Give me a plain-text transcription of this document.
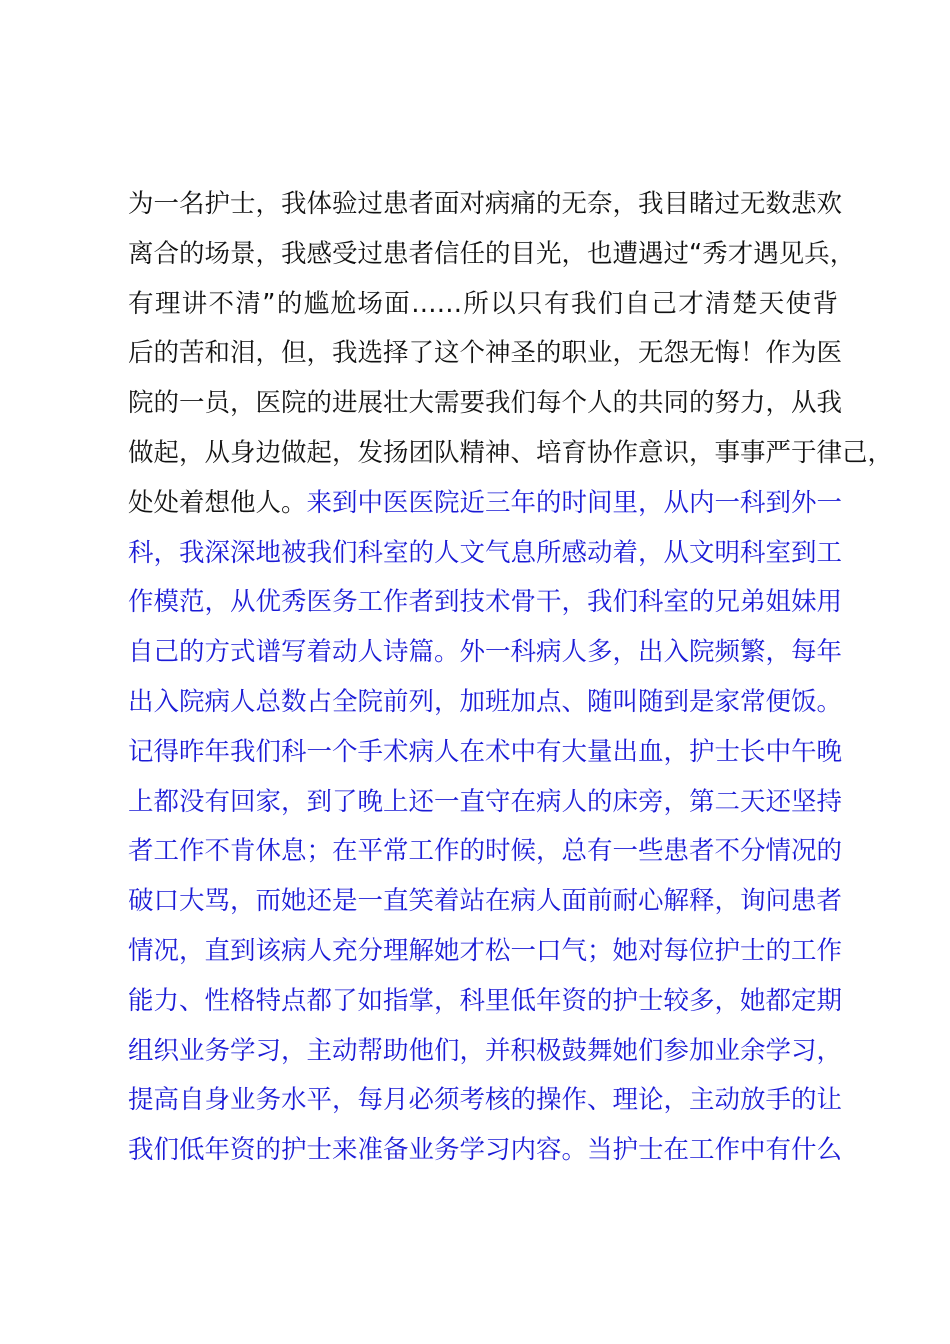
为一名护士，我体验过患者面对病痛的无奈，我目睹过无数悲欢
离合的场景，我感受过患者信任的目光，也遭遇过“秀才遇见兵，
有理讲不清”的尴尬场面……所以只有我们自己才清楚天使背
后的苦和泪，但，我选择了这个神圣的职业，无怨无悔！作为医
院的一员，医院的进展壮大需要我们每个人的共同的努力，从我
做起，从身边做起，发扬团队精神、培育协作意识，事事严于律己，
处处着想他人。来到中医医院近三年的时间里，从内一科到外一
科，我深深地被我们科室的人文气息所感动着，从文明科室到工
作模范，从优秀医务工作者到技术骨干，我们科室的兄弟姐妹用
自己的方式谱写着动人诗篇。外一科病人多，出入院频繁，每年
出入院病人总数占全院前列，加班加点、随叫随到是家常便饭。
记得昨年我们科一个手术病人在术中有大量出血，护士长中午晚
上都没有回家，到了晚上还一直守在病人的床旁，第二天还坚持
者工作不肯休息；在平常工作的时候，总有一些患者不分情况的
破口大骂，而她还是一直笑着站在病人面前耐心解释，询问患者
情况，直到该病人充分理解她才松一口气；她对每位护士的工作
能力、性格特点都了如指掌，科里低年资的护士较多，她都定期
组织业务学习，主动帮助他们，并积极鼓舞她们参加业余学习，
提高自身业务水平，每月必须考核的操作、理论，主动放手的让
我们低年资的护士来准备业务学习内容。当护士在工作中有什么
